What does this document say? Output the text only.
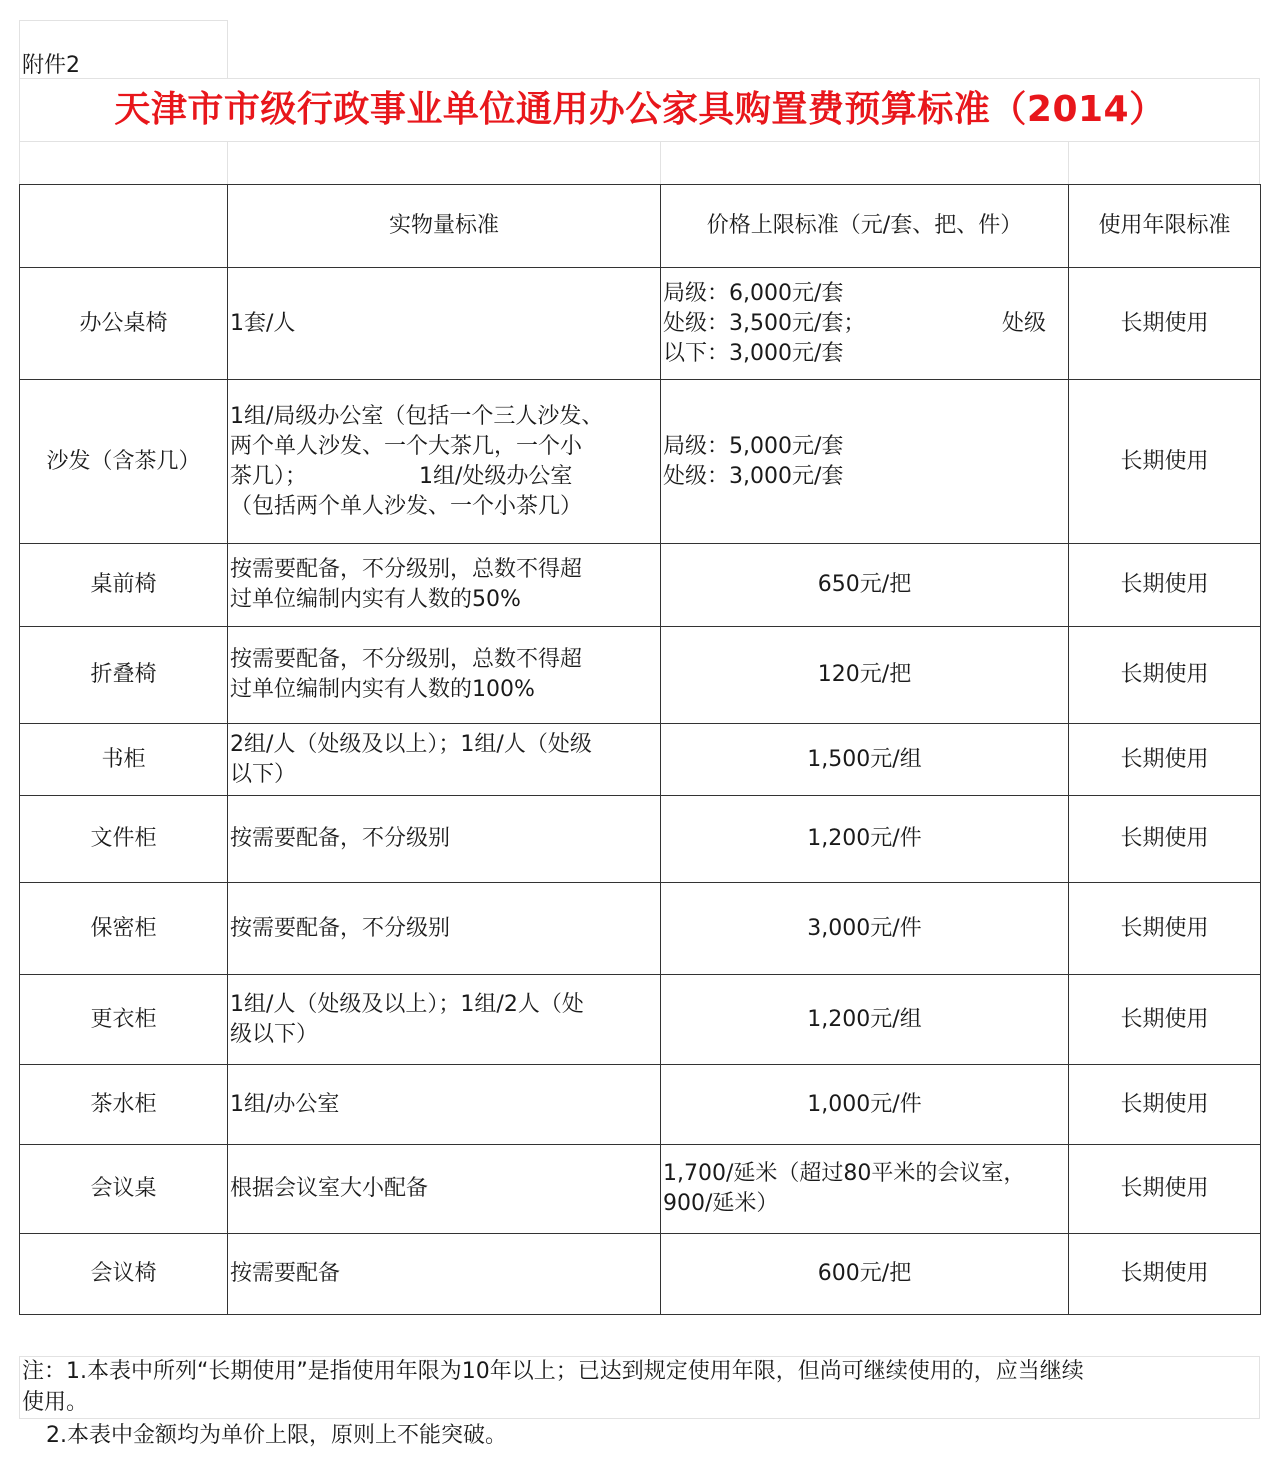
附件2
天津市市级行政事业单位通用办公家具购置费预算标准（2014）
	实物量标准	价格上限标准（元/套、把、件）	使用年限标准
办公桌椅	1套/人	局级：6,000元/套
处级：3,500元/套； 处级
以下：3,000元/套	长期使用
沙发（含茶几）	1组/局级办公室（包括一个三人沙发、
两个单人沙发、一个大茶几，一个小
茶几）； 1组/处级办公室
（包括两个单人沙发、一个小茶几）	局级：5,000元/套
处级：3,000元/套	长期使用
桌前椅	按需要配备，不分级别，总数不得超
过单位编制内实有人数的50%	650元/把	长期使用
折叠椅	按需要配备，不分级别，总数不得超
过单位编制内实有人数的100%	120元/把	长期使用
书柜	2组/人（处级及以上）；1组/人（处级
以下）	1,500元/组	长期使用
文件柜	按需要配备，不分级别	1,200元/件	长期使用
保密柜	按需要配备，不分级别	3,000元/件	长期使用
更衣柜	1组/人（处级及以上）；1组/2人（处
级以下）	1,200元/组	长期使用
茶水柜	1组/办公室	1,000元/件	长期使用
会议桌	根据会议室大小配备	1,700/延米（超过80平米的会议室，
900/延米）	长期使用
会议椅	按需要配备	600元/把	长期使用
注：1.本表中所列“长期使用”是指使用年限为10年以上；已达到规定使用年限，但尚可继续使用的，应当继续
使用。
2.本表中金额均为单价上限，原则上不能突破。
